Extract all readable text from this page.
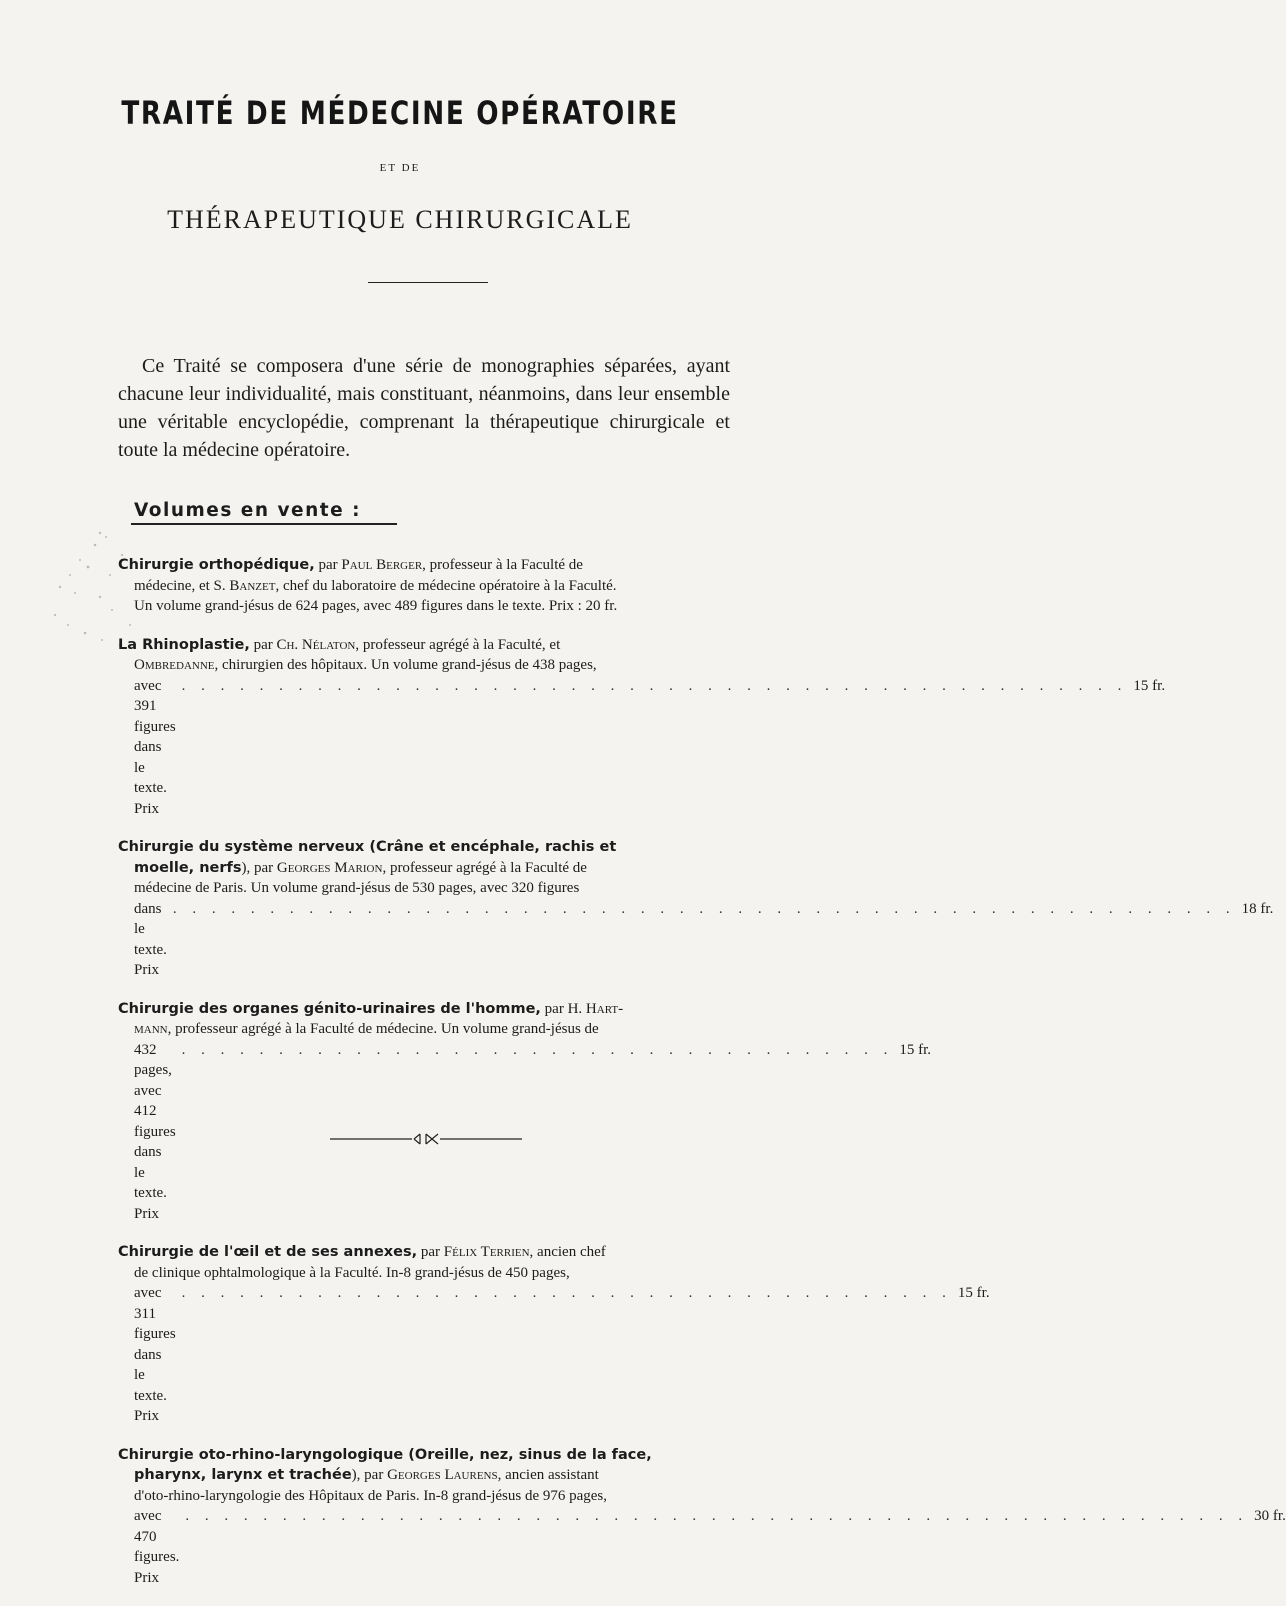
TRAITÉ DE MÉDECINE OPÉRATOIRE
ET DE
THÉRAPEUTIQUE CHIRURGICALE

Ce Traité se composera d'une série de monographies séparées, ayant chacune leur individualité, mais constituant, néanmoins, dans leur ensemble une véritable encyclopédie, comprenant la thérapeutique chirurgicale et toute la médecine opératoire.

Volumes en vente :
Chirurgie orthopédique, par Paul Berger, professeur à la Faculté de
médecine, et S. Banzet, chef du laboratoire de médecine opératoire à la Faculté.
Un volume grand-jésus de 624 pages, avec 489 figures dans le texte. Prix : 20 fr.
La Rhinoplastie, par Ch. Nélaton, professeur agrégé à la Faculté, et
Ombredanne, chirurgien des hôpitaux. Un volume grand-jésus de 438 pages,
avec 391 figures dans le texte. Prix
. . . . . . . . . . . . . . . . . . . . . . . . . . . . . . . . . . . . . . . . . . . . . . . . . 15 fr.
Chirurgie du système nerveux (Crâne et encéphale, rachis et
moelle, nerfs), par Georges Marion, professeur agrégé à la Faculté de
médecine de Paris. Un volume grand-jésus de 530 pages, avec 320 figures
dans le texte. Prix
. . . . . . . . . . . . . . . . . . . . . . . . . . . . . . . . . . . . . . . . . . . . . . . . . . . . . . . 18 fr.
Chirurgie des organes génito-urinaires de l'homme, par H. Hart-
mann, professeur agrégé à la Faculté de médecine. Un volume grand-jésus de
432 pages, avec 412 figures dans le texte. Prix
. . . . . . . . . . . . . . . . . . . . . . . . . . . . . . . . . . . . . 15 fr.
Chirurgie de l'œil et de ses annexes, par Félix Terrien, ancien chef
de clinique ophtalmologique à la Faculté. In-8 grand-jésus de 450 pages,
avec 311 figures dans le texte. Prix
. . . . . . . . . . . . . . . . . . . . . . . . . . . . . . . . . . . . . . . . 15 fr.
Chirurgie oto-rhino-laryngologique (Oreille, nez, sinus de la face,
pharynx, larynx et trachée), par Georges Laurens, ancien assistant
d'oto-rhino-laryngologie des Hôpitaux de Paris. In-8 grand-jésus de 976 pages,
avec 470 figures. Prix
. . . . . . . . . . . . . . . . . . . . . . . . . . . . . . . . . . . . . . . . . . . . . . . . . . . . . . . 30 fr.
